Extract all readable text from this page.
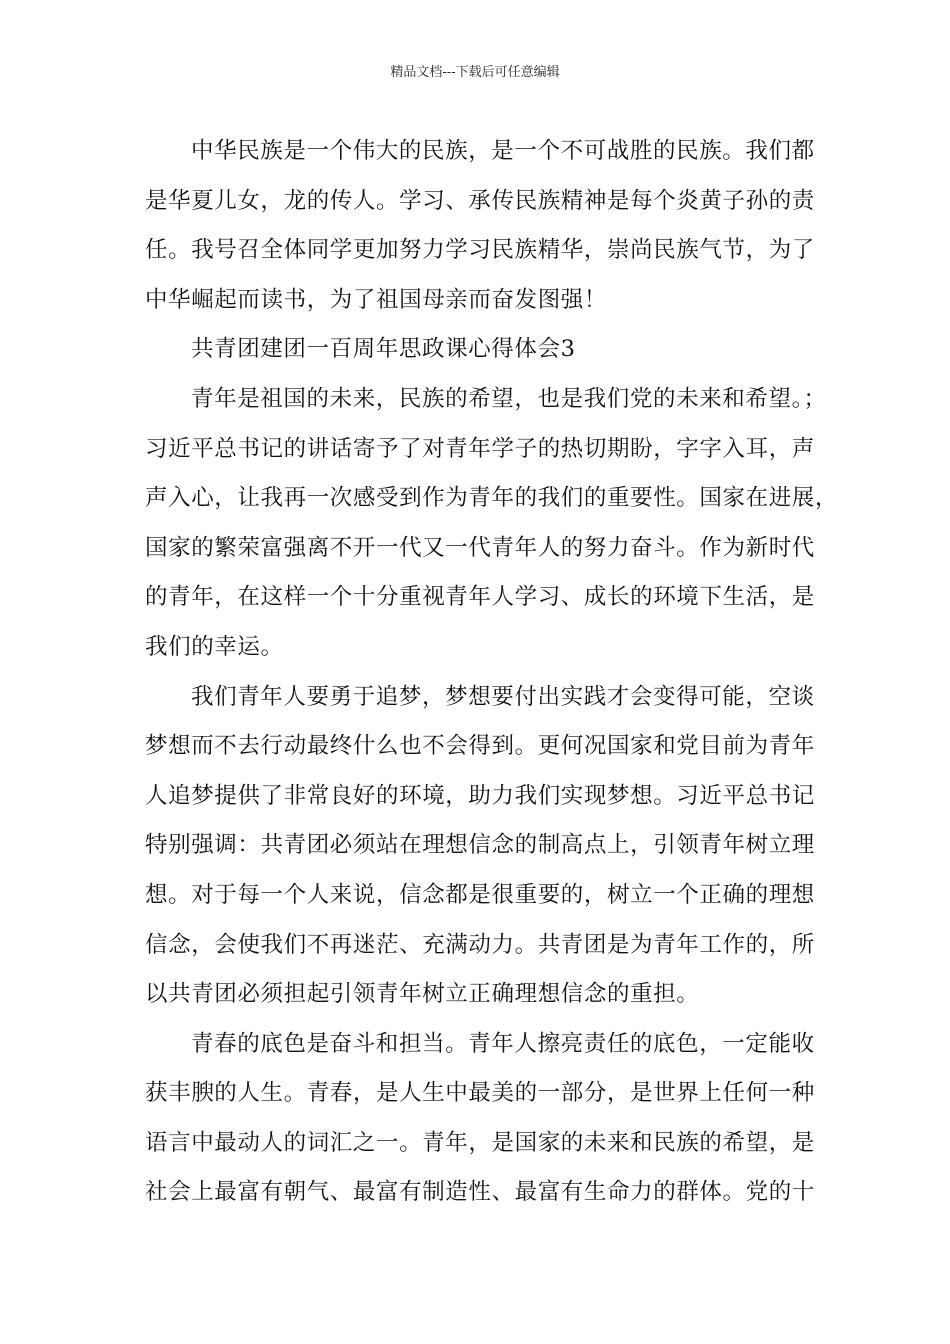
精品文档---下载后可任意编辑
中华民族是一个伟大的民族，是一个不可战胜的民族。我们都
是华夏儿女，龙的传人。学习、承传民族精神是每个炎黄子孙的责
任。我号召全体同学更加努力学习民族精华，崇尚民族气节，为了
中华崛起而读书，为了祖国母亲而奋发图强！
共青团建团一百周年思政课心得体会3
青年是祖国的未来，民族的希望，也是我们党的未来和希望。；
习近平总书记的讲话寄予了对青年学子的热切期盼，字字入耳，声
声入心，让我再一次感受到作为青年的我们的重要性。国家在进展，
国家的繁荣富强离不开一代又一代青年人的努力奋斗。作为新时代
的青年，在这样一个十分重视青年人学习、成长的环境下生活，是
我们的幸运。
我们青年人要勇于追梦，梦想要付出实践才会变得可能，空谈
梦想而不去行动最终什么也不会得到。更何况国家和党目前为青年
人追梦提供了非常良好的环境，助力我们实现梦想。习近平总书记
特别强调：共青团必须站在理想信念的制高点上，引领青年树立理
想。对于每一个人来说，信念都是很重要的，树立一个正确的理想
信念，会使我们不再迷茫、充满动力。共青团是为青年工作的，所
以共青团必须担起引领青年树立正确理想信念的重担。
青春的底色是奋斗和担当。青年人擦亮责任的底色，一定能收
获丰腴的人生。青春，是人生中最美的一部分，是世界上任何一种
语言中最动人的词汇之一。青年，是国家的未来和民族的希望，是
社会上最富有朝气、最富有制造性、最富有生命力的群体。党的十
